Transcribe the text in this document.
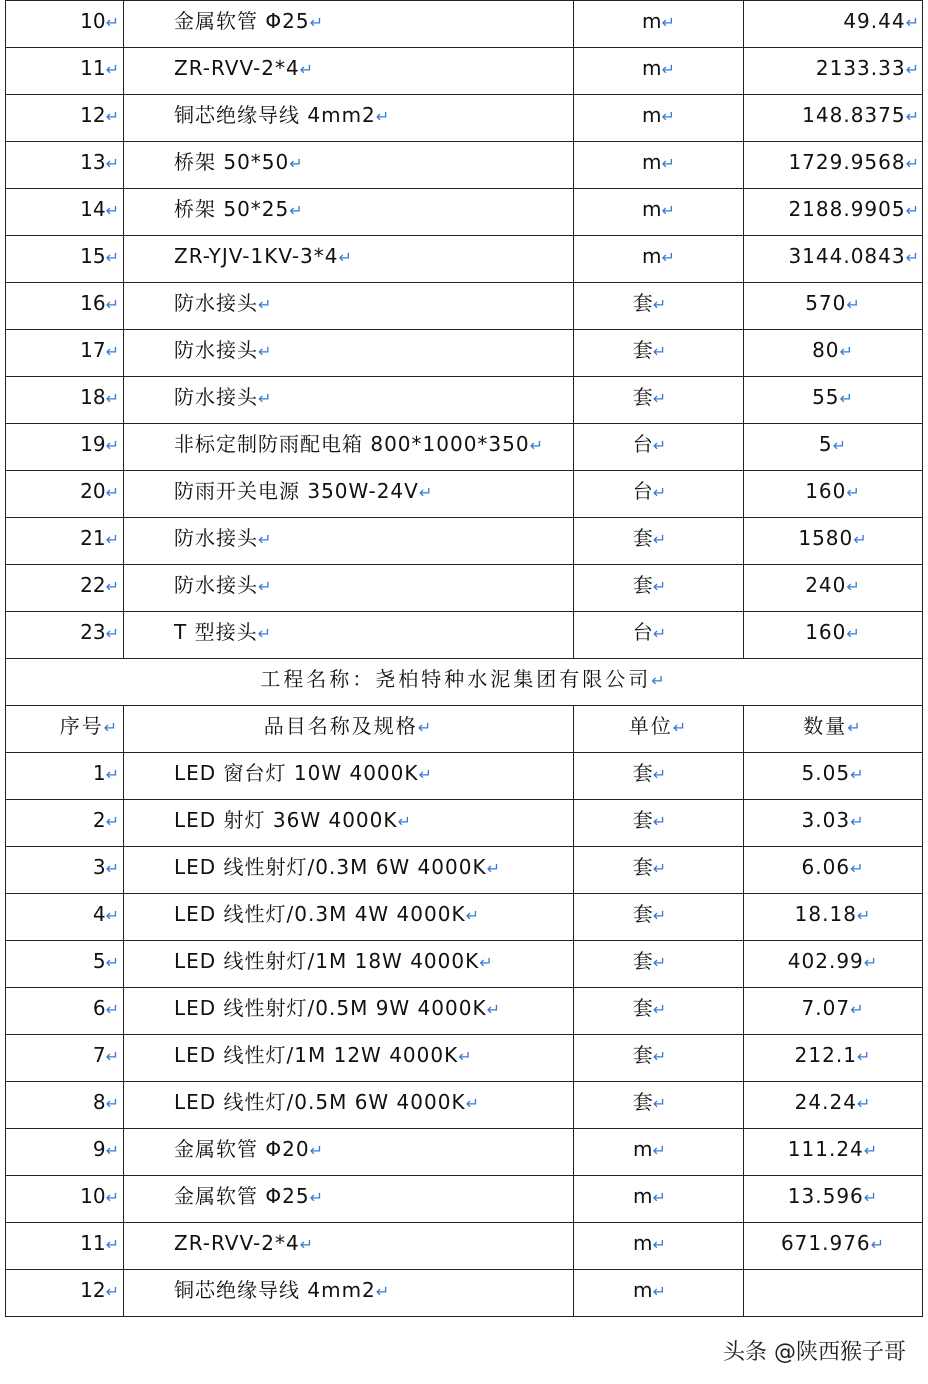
10↵	金属软管 Φ25↵	m↵	49.44↵
11↵	ZR-RVV-2*4↵	m↵	2133.33↵
12↵	铜芯绝缘导线 4mm2↵	m↵	148.8375↵
13↵	桥架 50*50↵	m↵	1729.9568↵
14↵	桥架 50*25↵	m↵	2188.9905↵
15↵	ZR-YJV-1KV-3*4↵	m↵	3144.0843↵
16↵	防水接头↵	套↵	570↵
17↵	防水接头↵	套↵	80↵
18↵	防水接头↵	套↵	55↵
19↵	非标定制防雨配电箱 800*1000*350↵	台↵	5↵
20↵	防雨开关电源 350W-24V↵	台↵	160↵
21↵	防水接头↵	套↵	1580↵
22↵	防水接头↵	套↵	240↵
23↵	T 型接头↵	台↵	160↵
工程名称：尧柏特种水泥集团有限公司↵			
序号↵	品目名称及规格↵	单位↵	数量↵
1↵	LED 窗台灯 10W 4000K↵	套↵	5.05↵
2↵	LED 射灯 36W 4000K↵	套↵	3.03↵
3↵	LED 线性射灯/0.3M 6W 4000K↵	套↵	6.06↵
4↵	LED 线性灯/0.3M 4W 4000K↵	套↵	18.18↵
5↵	LED 线性射灯/1M 18W 4000K↵	套↵	402.99↵
6↵	LED 线性射灯/0.5M 9W 4000K↵	套↵	7.07↵
7↵	LED 线性灯/1M 12W 4000K↵	套↵	212.1↵
8↵	LED 线性灯/0.5M 6W 4000K↵	套↵	24.24↵
9↵	金属软管 Φ20↵	m↵	111.24↵
10↵	金属软管 Φ25↵	m↵	13.596↵
11↵	ZR-RVV-2*4↵	m↵	671.976↵
12↵	铜芯绝缘导线 4mm2↵	m↵	
头条 @陕西猴子哥
